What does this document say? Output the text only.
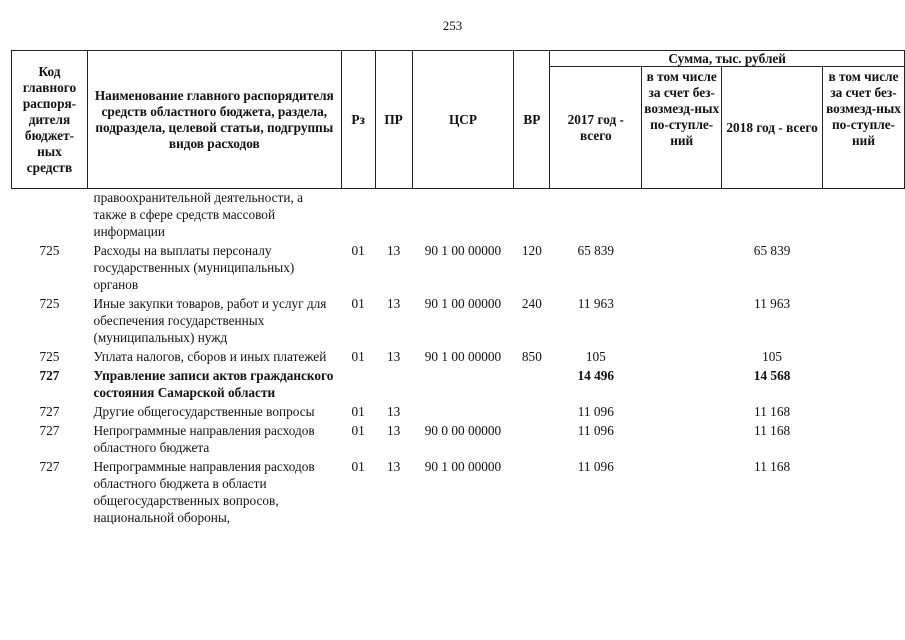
253
Код главного распоря-дителя бюджет-ных средств	Наименование главного распорядителя средств областного бюджета, раздела, подраздела, целевой статьи, подгруппы видов расходов	Рз	ПР	ЦСР	ВР	Сумма, тыс. рублей			
						2017 год - всего	в том числе за счет без-возмезд-ных по-ступле-ний	2018 год - всего	в том числе за счет без-возмезд-ных по-ступле-ний
	правоохранительной деятельности, а также в сфере средств массовой информации								
725	Расходы на выплаты персоналу государственных (муниципальных) органов	01	13	90 1 00 00000	120	65 839		65 839	
725	Иные закупки товаров, работ и услуг для обеспечения государственных (муниципальных) нужд	01	13	90 1 00 00000	240	11 963		11 963	
725	Уплата налогов, сборов и иных платежей	01	13	90 1 00 00000	850	105		105	
727	Управление записи актов гражданского состояния Самарской области					14 496		14 568	
727	Другие общегосударственные вопросы	01	13			11 096		11 168	
727	Непрограммные направления расходов областного бюджета	01	13	90 0 00 00000		11 096		11 168	
727	Непрограммные направления расходов областного бюджета в области общегосударственных вопросов, национальной обороны,	01	13	90 1 00 00000		11 096		11 168	
